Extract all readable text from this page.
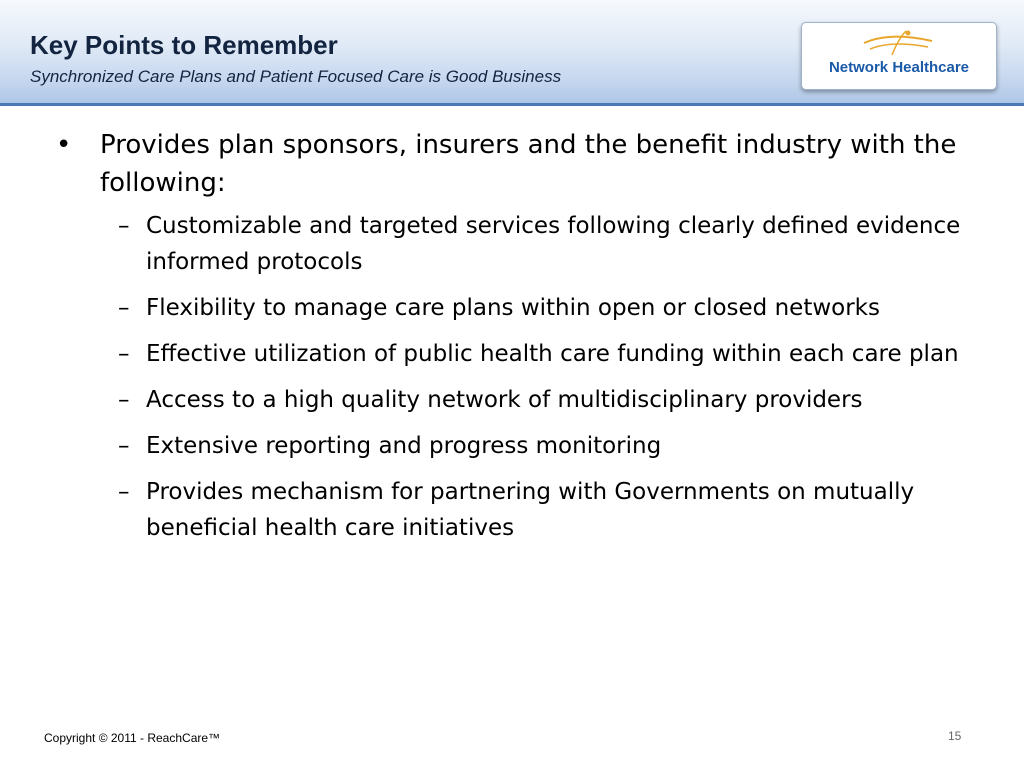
Key Points to Remember
Synchronized Care Plans and Patient Focused Care is Good Business	Network Healthcare
•	Provides plan sponsors, insurers and the benefit industry with the following:
– Customizable and targeted services following clearly defined evidence informed protocols
– Flexibility to manage care plans within open or closed networks
– Effective utilization of public health care funding within each care plan
– Access to a high quality network of multidisciplinary providers
– Extensive reporting and progress monitoring
– Provides mechanism for partnering with Governments on mutually beneficial health care initiatives
Copyright © 2011 - ReachCare™	15
